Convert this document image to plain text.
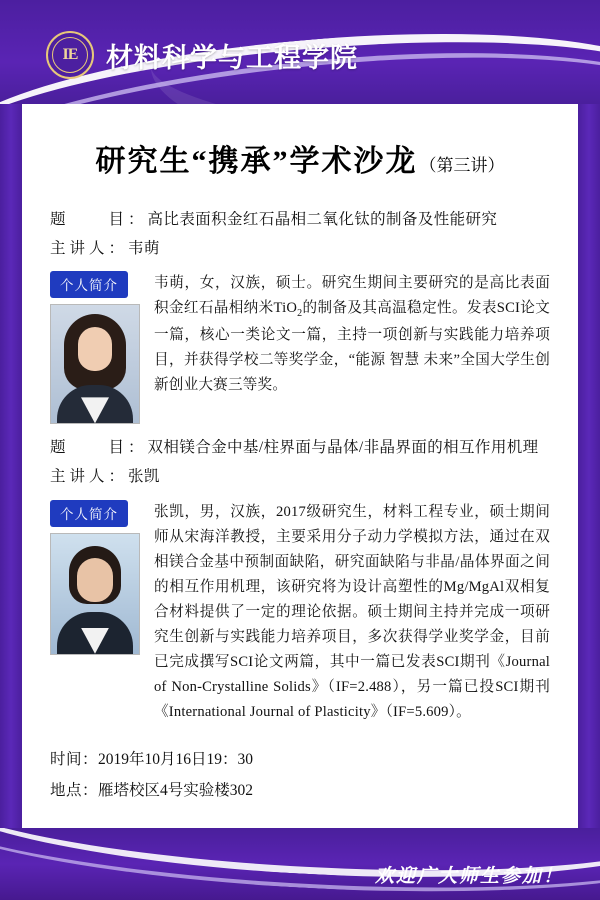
IE 材料科学与工程学院
研究生“携承”学术沙龙 （第三讲）
题　　目：高比表面积金红石晶相二氧化钛的制备及性能研究
主讲人：韦萌
个人简介	韦萌，女，汉族，硕士。研究生期间主要研究的是高比表面积金红石晶相纳米TiO$_2$的制备及其高温稳定性。发表SCI论文一篇，核心一类论文一篇，主持一项创新与实践能力培养项目，并获得学校二等奖学金，“能源 智慧 未来”全国大学生创新创业大赛三等奖。
题　　目：双相镁合金中基/柱界面与晶体/非晶界面的相互作用机理
主讲人：张凯
个人简介	张凯，男，汉族，2017级研究生，材料工程专业，硕士期间师从宋海洋教授，主要采用分子动力学模拟方法，通过在双相镁合金基中预制面缺陷，研究面缺陷与非晶/晶体界面之间的相互作用机理，该研究将为设计高塑性的Mg/MgAl双相复合材料提供了一定的理论依据。硕士期间主持并完成一项研究生创新与实践能力培养项目，多次获得学业奖学金，目前已完成撰写SCI论文两篇，其中一篇已发表SCI期刊《Journal of Non-Crystalline Solids》（IF=2.488），另一篇已投SCI期刊《International Journal of Plasticity》（IF=5.609）。
时间：2019年10月16日19：30
地点：雁塔校区4号实验楼302
欢迎广大师生参加！
